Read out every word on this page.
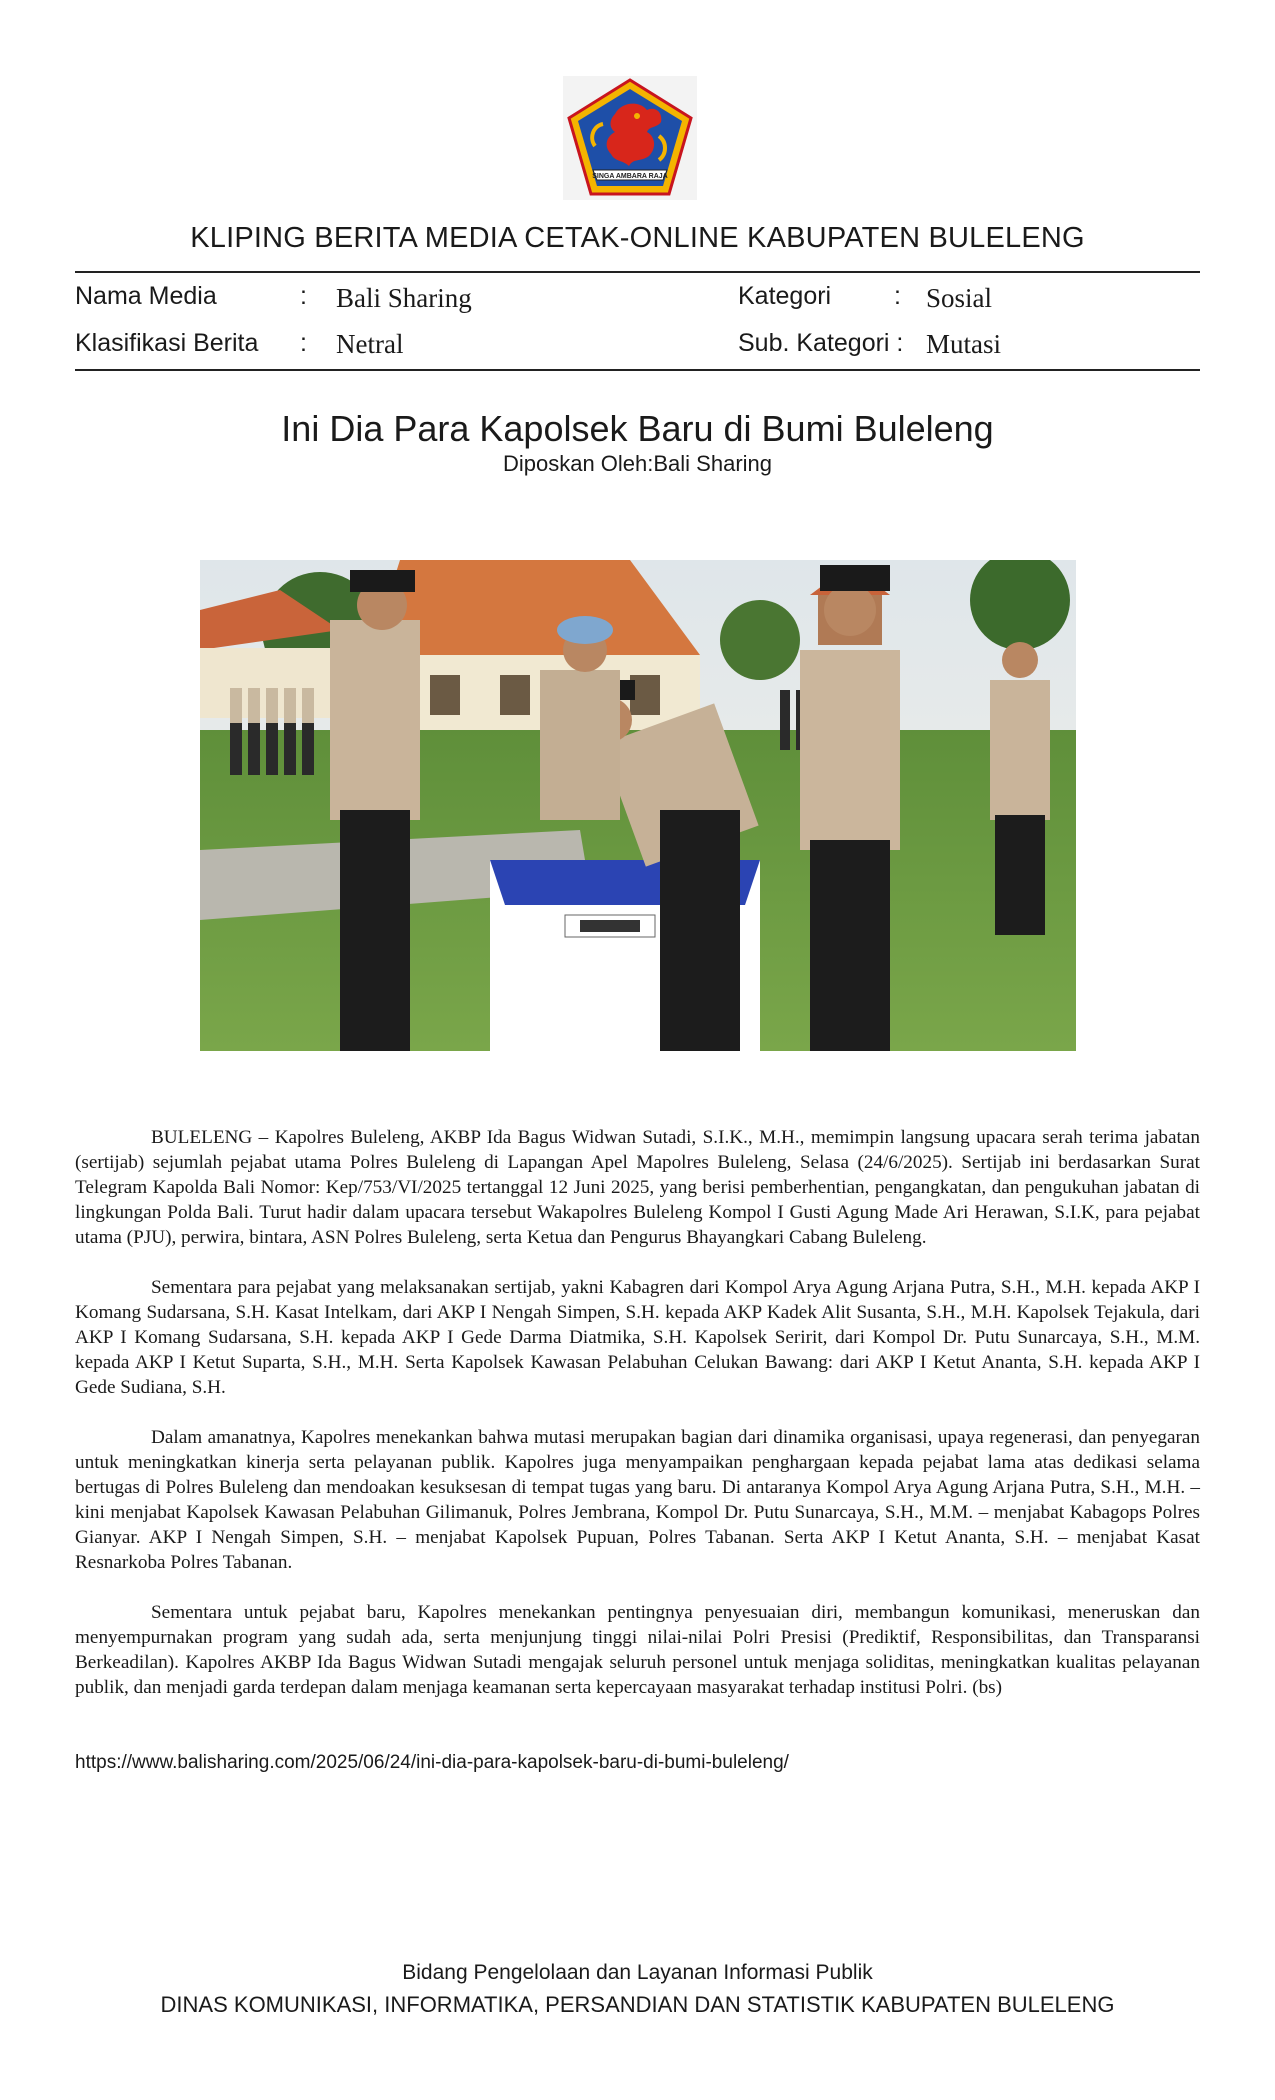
SINGA AMBARA RAJA
KLIPING BERITA MEDIA CETAK-ONLINE KABUPATEN BULELENG
Nama Media	: Bali Sharing	Kategori	: Sosial
Klasifikasi Berita : Netral	Sub. Kategori : Mutasi
Ini Dia Para Kapolsek Baru di Bumi Buleleng
Diposkan Oleh:Bali Sharing

BULELENG – Kapolres Buleleng, AKBP Ida Bagus Widwan Sutadi, S.I.K., M.H., memimpin langsung upacara serah terima jabatan (sertijab) sejumlah pejabat utama Polres Buleleng di Lapangan Apel Mapolres Buleleng, Selasa (24/6/2025). Sertijab ini berdasarkan Surat Telegram Kapolda Bali Nomor: Kep/753/VI/2025 tertanggal 12 Juni 2025, yang berisi pemberhentian, pengangkatan, dan pengukuhan jabatan di lingkungan Polda Bali. Turut hadir dalam upacara tersebut Wakapolres Buleleng Kompol I Gusti Agung Made Ari Herawan, S.I.K, para pejabat utama (PJU), perwira, bintara, ASN Polres Buleleng, serta Ketua dan Pengurus Bhayangkari Cabang Buleleng.

Sementara para pejabat yang melaksanakan sertijab, yakni Kabagren dari Kompol Arya Agung Arjana Putra, S.H., M.H. kepada AKP I Komang Sudarsana, S.H. Kasat Intelkam, dari AKP I Nengah Simpen, S.H. kepada AKP Kadek Alit Susanta, S.H., M.H. Kapolsek Tejakula, dari AKP I Komang Sudarsana, S.H. kepada AKP I Gede Darma Diatmika, S.H. Kapolsek Seririt, dari Kompol Dr. Putu Sunarcaya, S.H., M.M. kepada AKP I Ketut Suparta, S.H., M.H. Serta Kapolsek Kawasan Pelabuhan Celukan Bawang: dari AKP I Ketut Ananta, S.H. kepada AKP I Gede Sudiana, S.H.

Dalam amanatnya, Kapolres menekankan bahwa mutasi merupakan bagian dari dinamika organisasi, upaya regenerasi, dan penyegaran untuk meningkatkan kinerja serta pelayanan publik. Kapolres juga menyampaikan penghargaan kepada pejabat lama atas dedikasi selama bertugas di Polres Buleleng dan mendoakan kesuksesan di tempat tugas yang baru. Di antaranya Kompol Arya Agung Arjana Putra, S.H., M.H. – kini menjabat Kapolsek Kawasan Pelabuhan Gilimanuk, Polres Jembrana, Kompol Dr. Putu Sunarcaya, S.H., M.M. – menjabat Kabagops Polres Gianyar. AKP I Nengah Simpen, S.H. – menjabat Kapolsek Pupuan, Polres Tabanan. Serta AKP I Ketut Ananta, S.H. – menjabat Kasat Resnarkoba Polres Tabanan.

Sementara untuk pejabat baru, Kapolres menekankan pentingnya penyesuaian diri, membangun komunikasi, meneruskan dan menyempurnakan program yang sudah ada, serta menjunjung tinggi nilai-nilai Polri Presisi (Prediktif, Responsibilitas, dan Transparansi Berkeadilan). Kapolres AKBP Ida Bagus Widwan Sutadi mengajak seluruh personel untuk menjaga soliditas, meningkatkan kualitas pelayanan publik, dan menjadi garda terdepan dalam menjaga keamanan serta kepercayaan masyarakat terhadap institusi Polri. (bs)

https://www.balisharing.com/2025/06/24/ini-dia-para-kapolsek-baru-di-bumi-buleleng/
Bidang Pengelolaan dan Layanan Informasi Publik
DINAS KOMUNIKASI, INFORMATIKA, PERSANDIAN DAN STATISTIK KABUPATEN BULELENG
